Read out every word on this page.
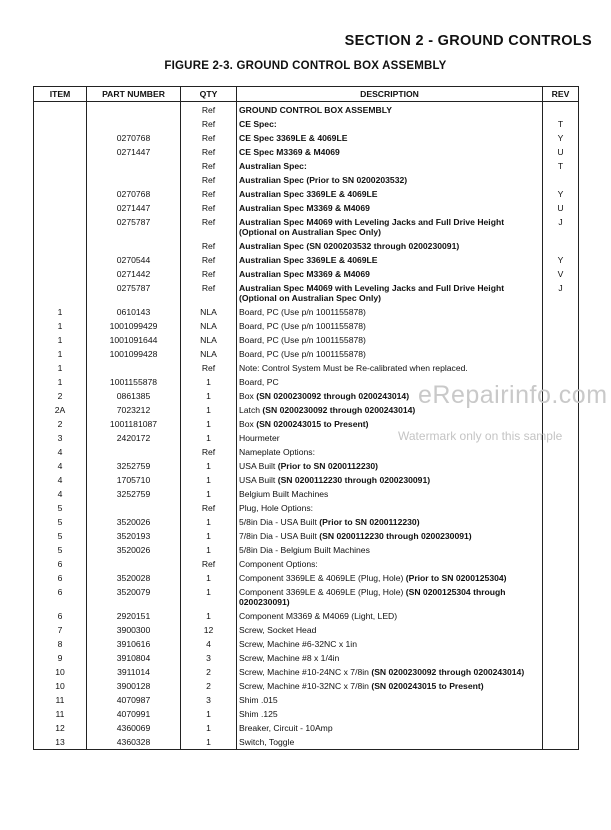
SECTION 2 - GROUND CONTROLS
FIGURE 2-3. GROUND CONTROL BOX ASSEMBLY
ITEM	PART NUMBER	QTY	DESCRIPTION	REV
		Ref	GROUND CONTROL BOX ASSEMBLY	
		Ref	CE Spec:	T
	0270768	Ref	CE Spec 3369LE & 4069LE	Y
	0271447	Ref	CE Spec M3369 & M4069	U
		Ref	Australian Spec:	T
		Ref	Australian Spec (Prior to SN 0200203532)	
	0270768	Ref	Australian Spec 3369LE & 4069LE	Y
	0271447	Ref	Australian Spec M3369 & M4069	U
	0275787	Ref	Australian Spec M4069 with Leveling Jacks and Full Drive Height (Optional on Australian Spec Only)	J
		Ref	Australian Spec (SN 0200203532 through 0200230091)	
	0270544	Ref	Australian Spec 3369LE & 4069LE	Y
	0271442	Ref	Australian Spec M3369 & M4069	V
	0275787	Ref	Australian Spec M4069 with Leveling Jacks and Full Drive Height (Optional on Australian Spec Only)	J
1	0610143	NLA	Board, PC (Use p/n 1001155878)	
1	1001099429	NLA	Board, PC (Use p/n 1001155878)	
1	1001091644	NLA	Board, PC (Use p/n 1001155878)	
1	1001099428	NLA	Board, PC (Use p/n 1001155878)	
1		Ref	Note: Control System Must be Re-calibrated when replaced.	
1	1001155878	1	Board, PC	
2	0861385	1	Box (SN 0200230092 through 0200243014)	
2A	7023212	1	Latch (SN 0200230092 through 0200243014)	
2	1001181087	1	Box (SN 0200243015 to Present)	
3	2420172	1	Hourmeter	
4		Ref	Nameplate Options:	
4	3252759	1	USA Built (Prior to SN 0200112230)	
4	1705710	1	USA Built (SN 0200112230 through 0200230091)	
4	3252759	1	Belgium Built Machines	
5		Ref	Plug, Hole Options:	
5	3520026	1	5/8in Dia - USA Built (Prior to SN 0200112230)	
5	3520193	1	7/8in Dia - USA Built (SN 0200112230 through 0200230091)	
5	3520026	1	5/8in Dia - Belgium Built Machines	
6		Ref	Component Options:	
6	3520028	1	Component 3369LE & 4069LE (Plug, Hole) (Prior to SN 0200125304)	
6	3520079	1	Component 3369LE & 4069LE (Plug, Hole) (SN 0200125304 through 0200230091)	
6	2920151	1	Component M3369 & M4069 (Light, LED)	
7	3900300	12	Screw, Socket Head	
8	3910616	4	Screw, Machine #6-32NC x 1in	
9	3910804	3	Screw, Machine #8 x 1/4in	
10	3911014	2	Screw, Machine #10-24NC x 7/8in (SN 0200230092 through 0200243014)	
10	3900128	2	Screw, Machine #10-32NC x 7/8in (SN 0200243015 to Present)	
11	4070987	3	Shim .015	
11	4070991	1	Shim .125	
12	4360069	1	Breaker, Circuit - 10Amp	
13	4360328	1	Switch, Toggle	
eRepairinfo.com
Watermark only on this sample
